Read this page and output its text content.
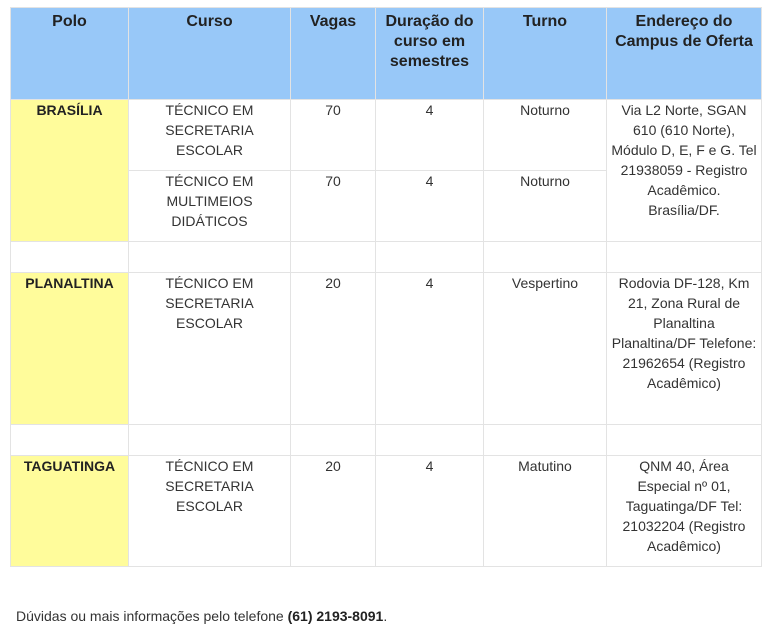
Polo	Curso	Vagas	Duração do curso em semestres	Turno	Endereço do Campus de Oferta
BRASÍLIA	TÉCNICO EM SECRETARIA ESCOLAR	70	4	Noturno	Via L2 Norte, SGAN 610 (610 Norte), Módulo D, E, F e G. Tel 21938059 - Registro Acadêmico. Brasília/DF.
	TÉCNICO EM MULTIMEIOS DIDÁTICOS	70	4	Noturno	

PLANALTINA	TÉCNICO EM SECRETARIA ESCOLAR	20	4	Vespertino	Rodovia DF-128, Km 21, Zona Rural de Planaltina Planaltina/DF Telefone: 21962654 (Registro Acadêmico)

TAGUATINGA	TÉCNICO EM SECRETARIA ESCOLAR	20	4	Matutino	QNM 40, Área Especial nº 01, Taguatinga/DF Tel: 21032204 (Registro Acadêmico)

Dúvidas ou mais informações pelo telefone (61) 2193-8091.
